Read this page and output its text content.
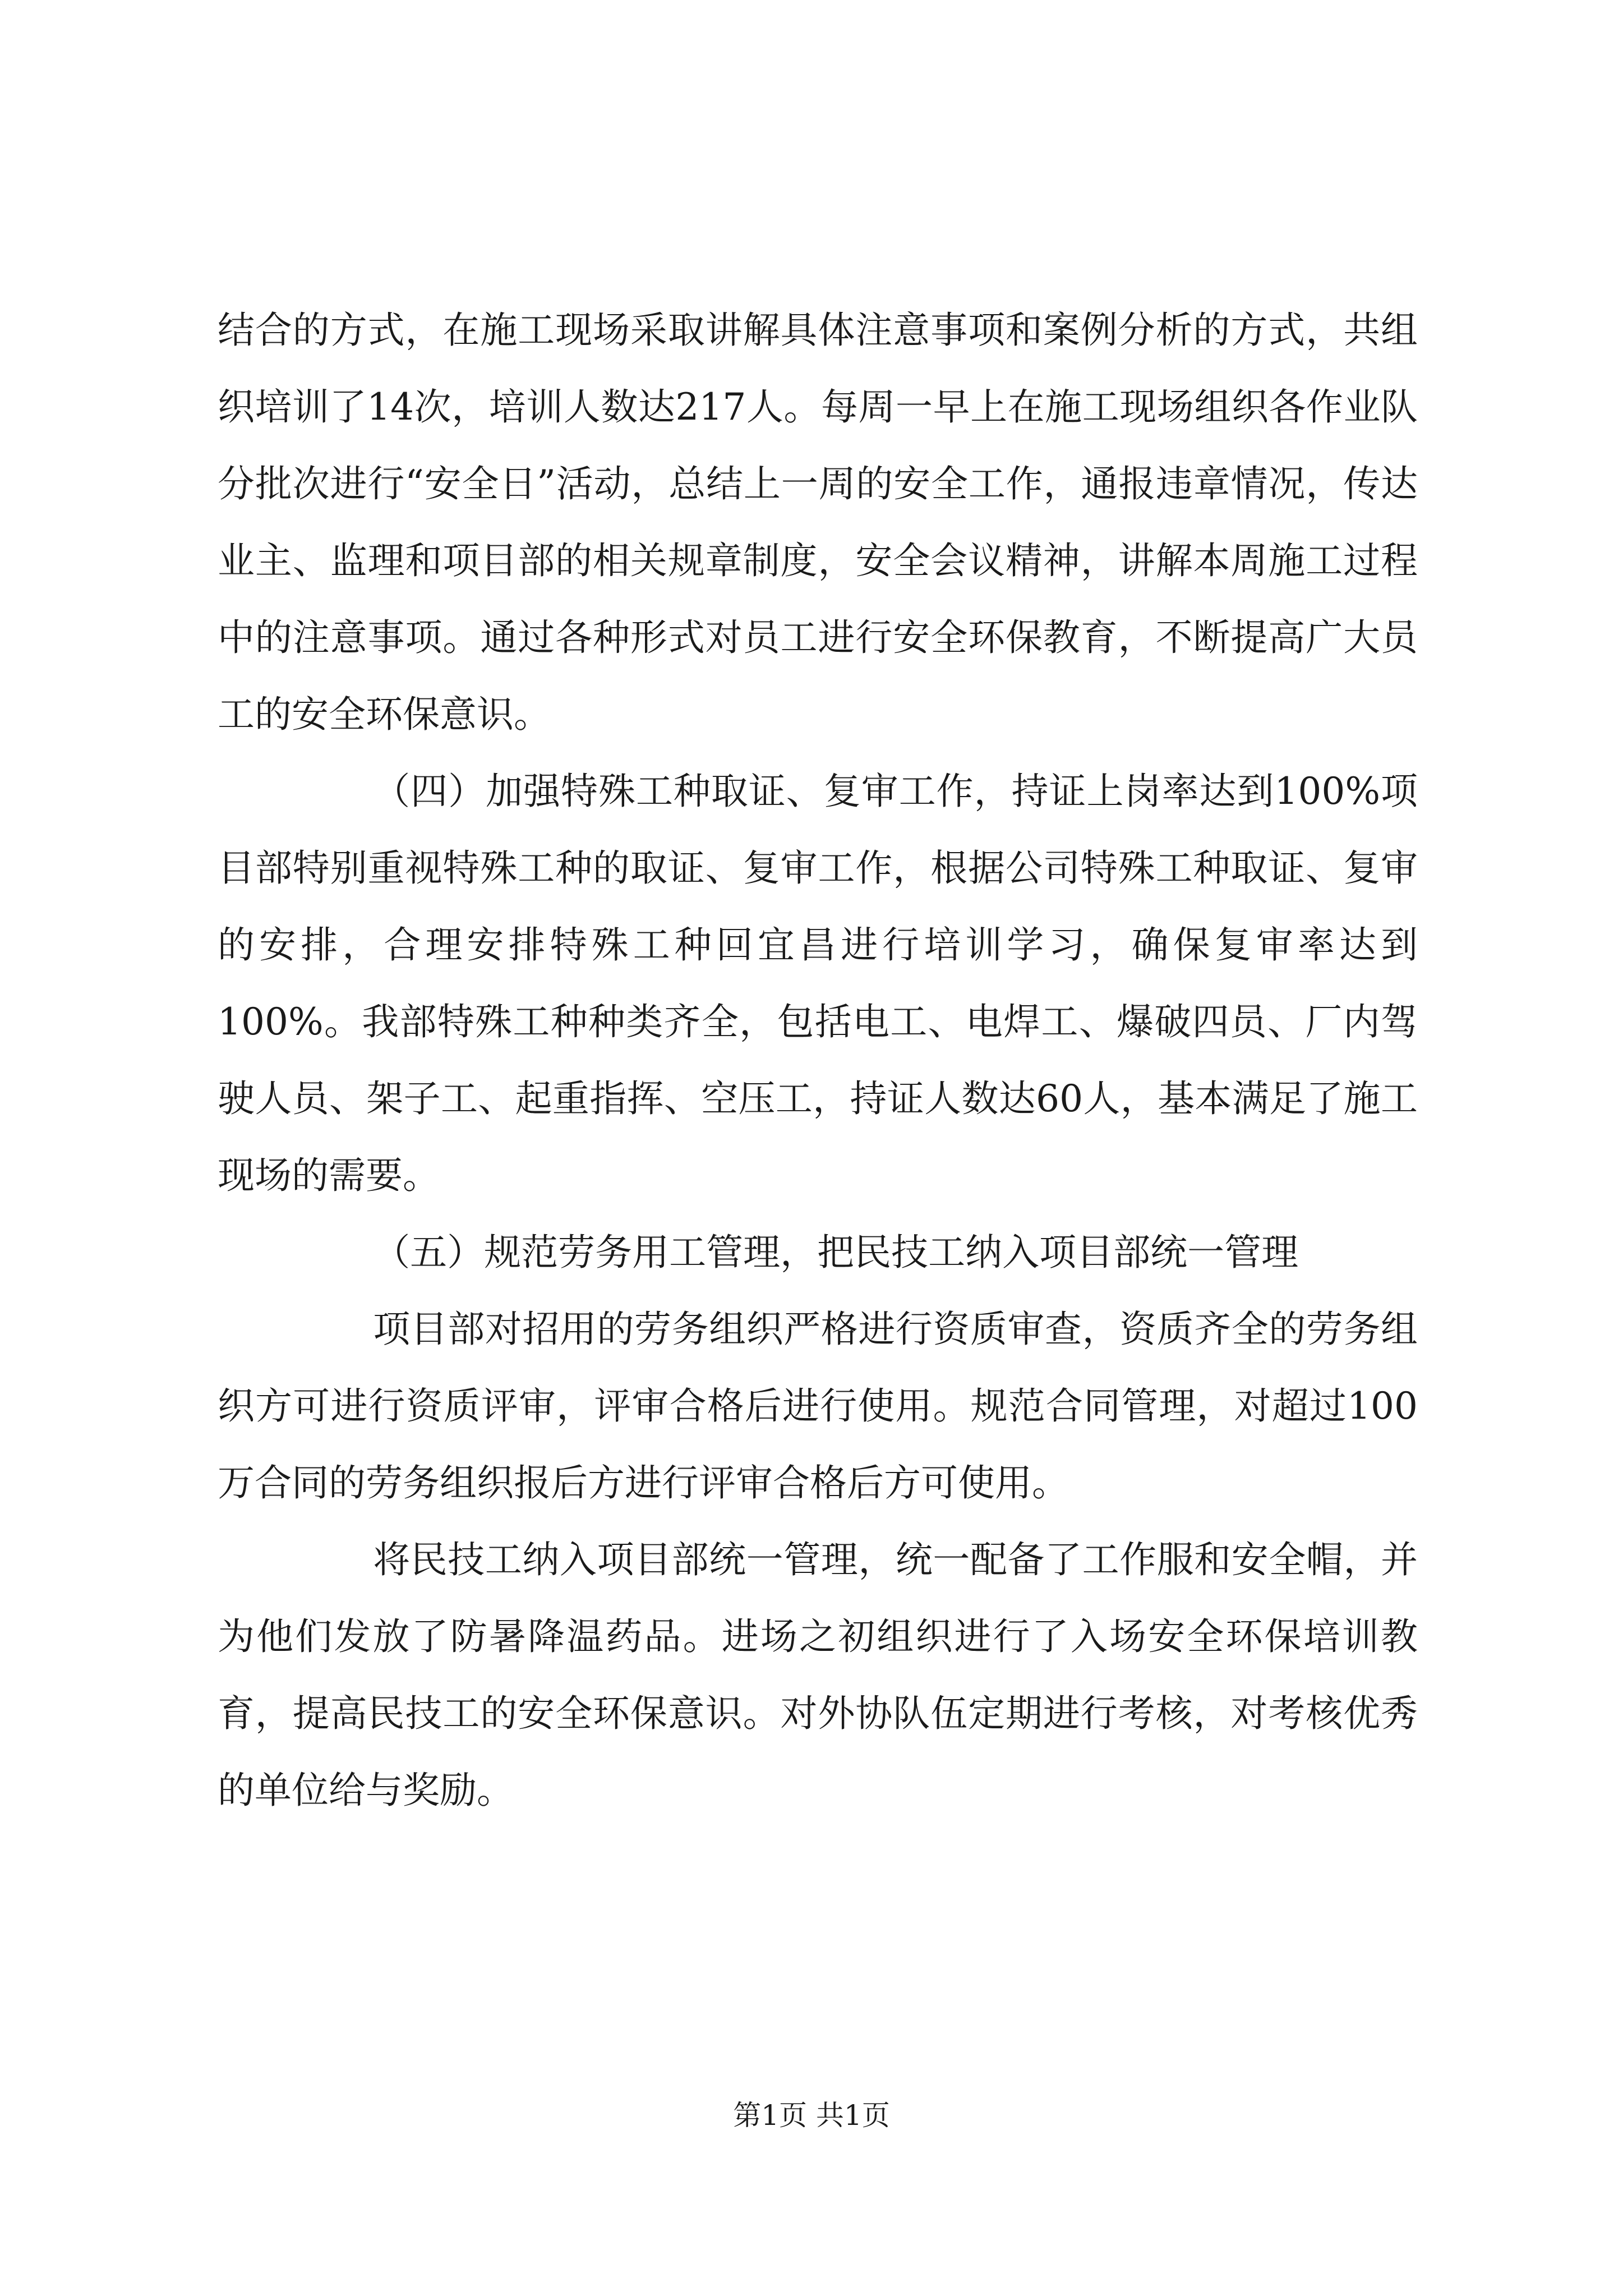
结合的方式，在施工现场采取讲解具体注意事项和案例分析的方式，共组织培训了14次，培训人数达217人。每周一早上在施工现场组织各作业队分批次进行“安全日”活动，总结上一周的安全工作，通报违章情况，传达业主、监理和项目部的相关规章制度，安全会议精神，讲解本周施工过程中的注意事项。通过各种形式对员工进行安全环保教育，不断提高广大员工的安全环保意识。

（四）加强特殊工种取证、复审工作，持证上岗率达到100%项目部特别重视特殊工种的取证、复审工作，根据公司特殊工种取证、复审的安排，合理安排特殊工种回宜昌进行培训学习，确保复审率达到100%。我部特殊工种种类齐全，包括电工、电焊工、爆破四员、厂内驾驶人员、架子工、起重指挥、空压工，持证人数达60人，基本满足了施工现场的需要。

（五）规范劳务用工管理，把民技工纳入项目部统一管理

项目部对招用的劳务组织严格进行资质审查，资质齐全的劳务组织方可进行资质评审，评审合格后进行使用。规范合同管理，对超过100万合同的劳务组织报后方进行评审合格后方可使用。

将民技工纳入项目部统一管理，统一配备了工作服和安全帽，并为他们发放了防暑降温药品。进场之初组织进行了入场安全环保培训教育，提高民技工的安全环保意识。对外协队伍定期进行考核，对考核优秀的单位给与奖励。

第1页 共1页
